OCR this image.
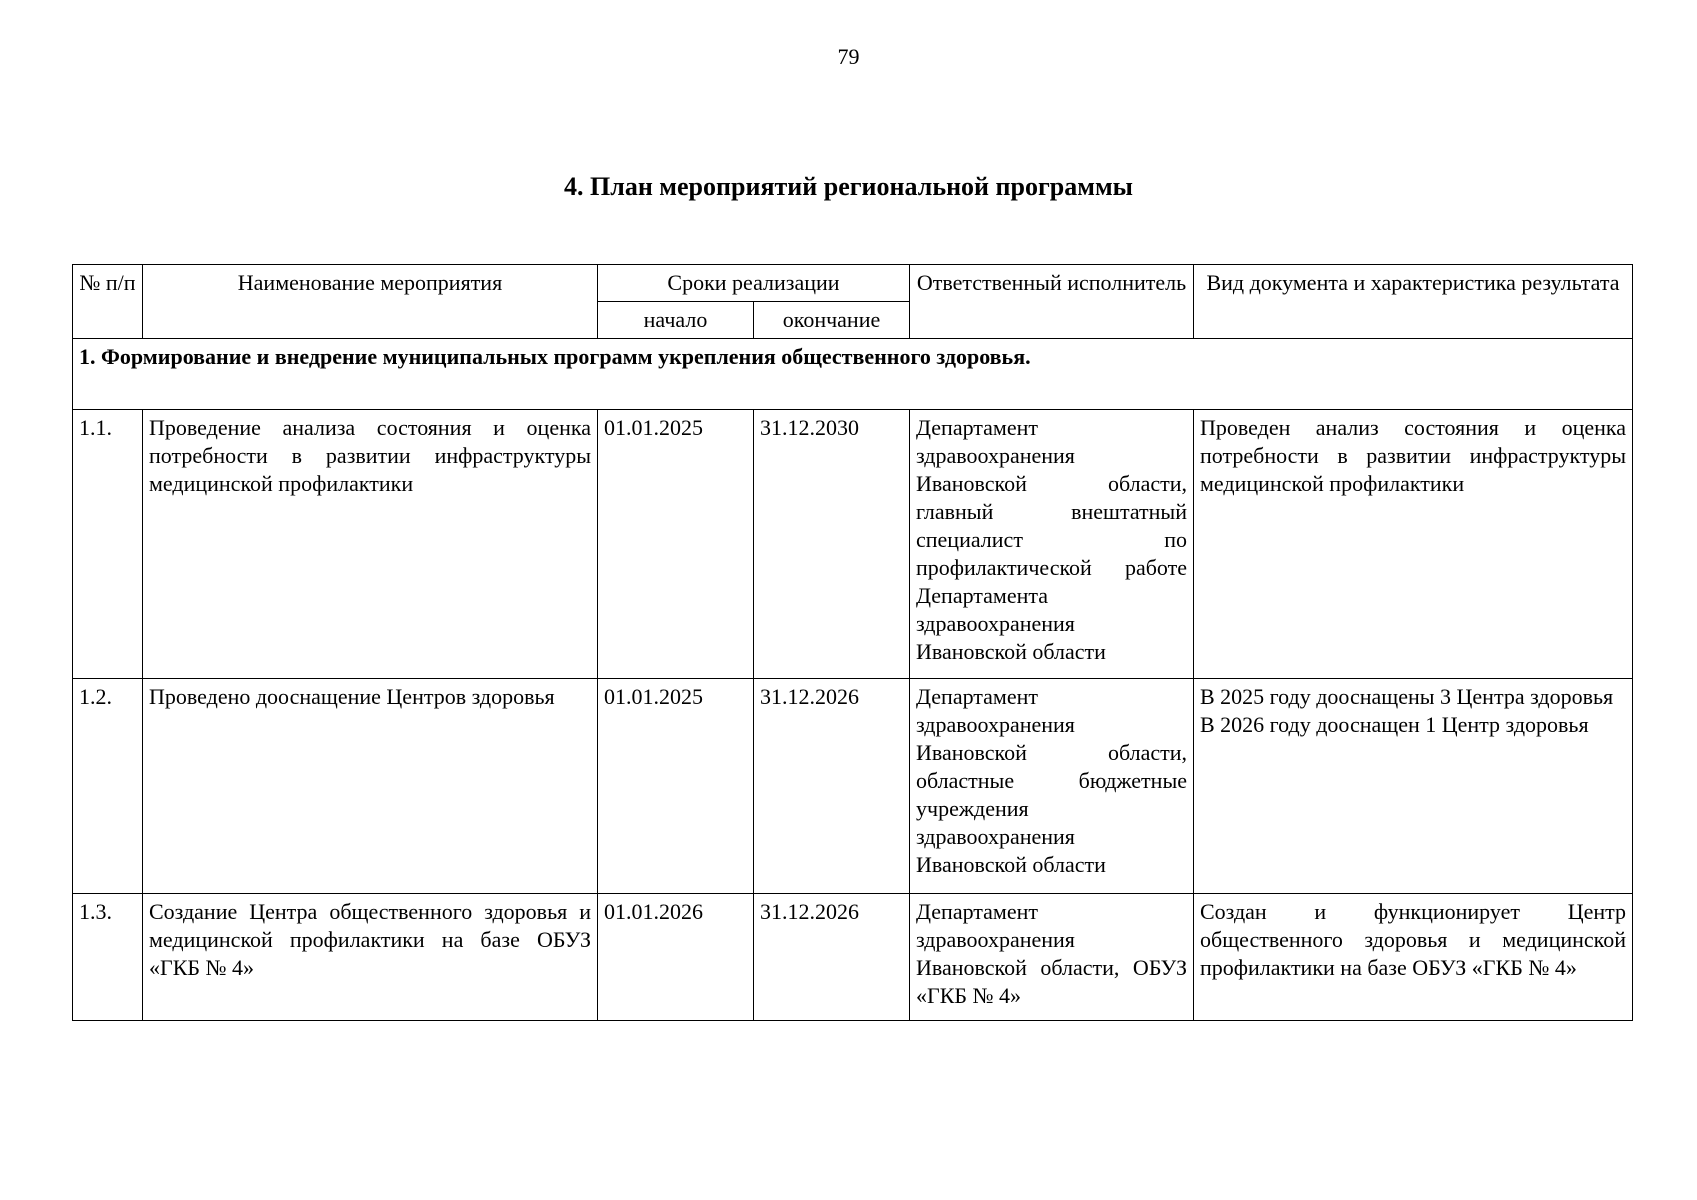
79
4. План мероприятий региональной программы
№ п/п	Наименование мероприятия	Сроки реализации		Ответственный исполнитель	Вид документа и характеристика результата
		начало	окончание		
1. Формирование и внедрение муниципальных программ укрепления общественного здоровья.					
1.1.	Проведение анализа состояния и оценка потребности в развитии инфраструктуры медицинской профилактики	01.01.2025	31.12.2030	Департамент здравоохранения Ивановской области, главный внештатный специалист по профилактической работе Департамента здравоохранения Ивановской области	Проведен анализ состояния и оценка потребности в развитии инфраструктуры медицинской профилактики
1.2.	Проведено дооснащение Центров здоровья	01.01.2025	31.12.2026	Департамент здравоохранения Ивановской области, областные бюджетные учреждения здравоохранения Ивановской области	В 2025 году дооснащены 3 Центра здоровья
В 2026 году дооснащен 1 Центр здоровья

1.3.	Создание Центра общественного здоровья и медицинской профилактики на базе ОБУЗ «ГКБ № 4»	01.01.2026	31.12.2026	Департамент здравоохранения Ивановской области, ОБУЗ «ГКБ № 4»	Создан и функционирует Центр общественного здоровья и медицинской профилактики на базе ОБУЗ «ГКБ № 4»
